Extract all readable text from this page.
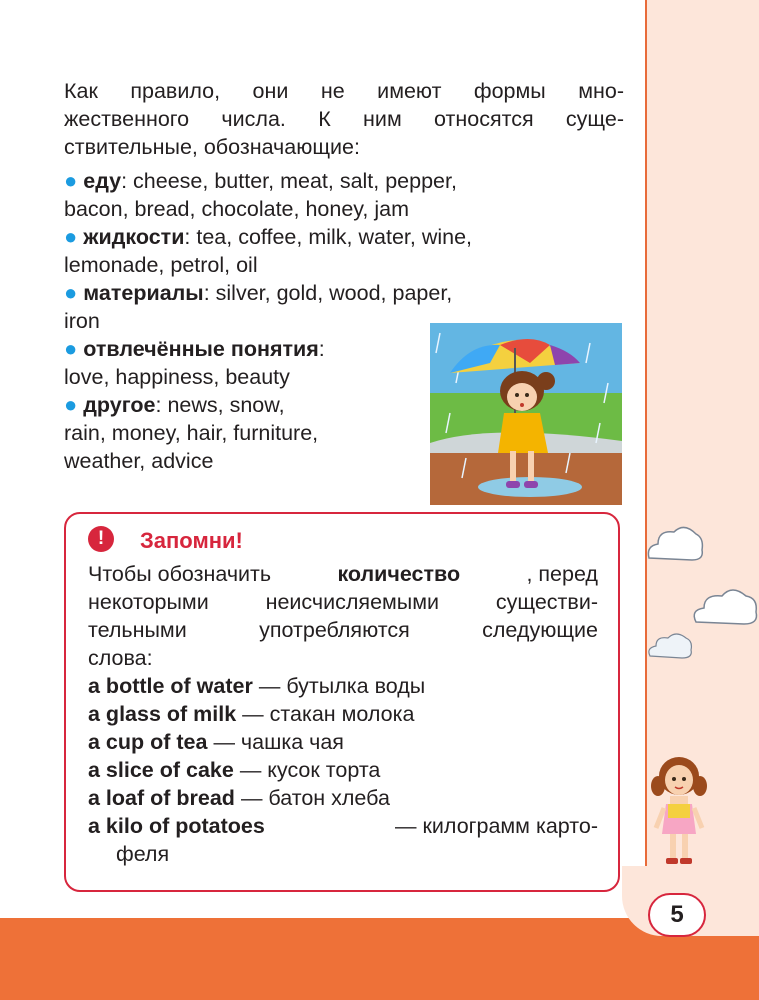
5
Как правило, они не имеют формы мно-
жественного числа. К ним относятся суще-
ствительные, обозначающие:
● еду: cheese, butter, meat, salt, pepper,
bacon, bread, chocolate, honey, jam
● жидкости: tea, coffee, milk, water, wine,
lemonade, petrol, oil
● материалы: silver, gold, wood, paper,
iron
● отвлечённые понятия:
love, happiness, beauty
● другое: news, snow,
rain, money, hair, furniture,
weather, advice
!	Запомни!
Чтобы обозначить	количество	, перед
некоторыми неисчисляемыми существи-
тельными употребляются следующие
слова:
a bottle of water — бутылка воды
a glass of milk — стакан молока
a cup of tea — чашка чая
a slice of cake — кусок торта
a loaf of bread — батон хлеба
a kilo of potatoes	— килограмм карто-
феля
